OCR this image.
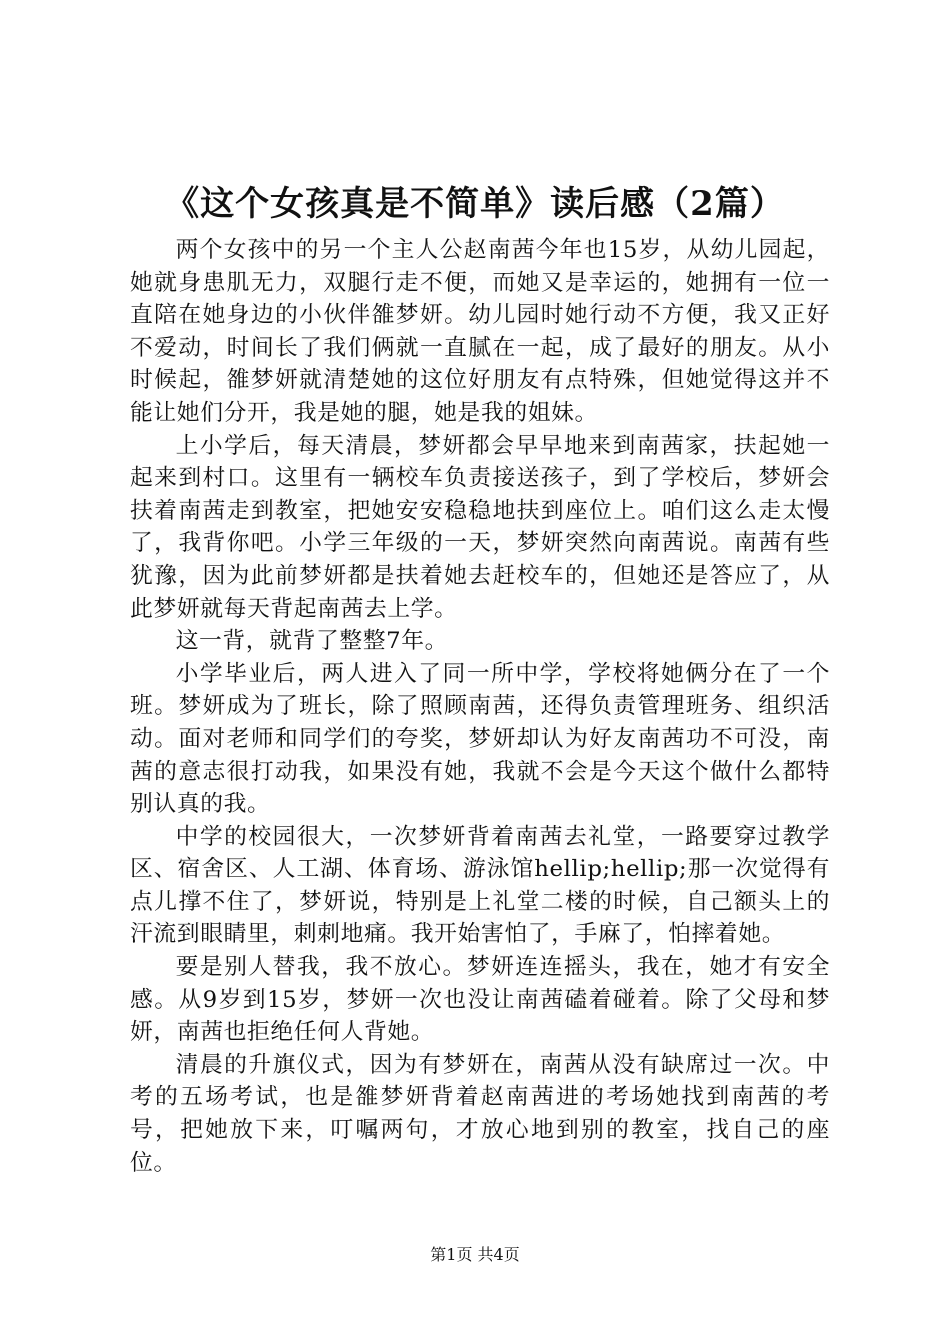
《这个女孩真是不简单》读后感（2篇）

两个女孩中的另一个主人公赵南茜今年也15岁，从幼儿园起，她就身患肌无力，双腿行走不便，而她又是幸运的，她拥有一位一直陪在她身边的小伙伴雒梦妍。幼儿园时她行动不方便，我又正好不爱动，时间长了我们俩就一直腻在一起，成了最好的朋友。从小时候起，雒梦妍就清楚她的这位好朋友有点特殊，但她觉得这并不能让她们分开，我是她的腿，她是我的姐妹。

上小学后，每天清晨，梦妍都会早早地来到南茜家，扶起她一起来到村口。这里有一辆校车负责接送孩子，到了学校后，梦妍会扶着南茜走到教室，把她安安稳稳地扶到座位上。咱们这么走太慢了，我背你吧。小学三年级的一天，梦妍突然向南茜说。南茜有些犹豫，因为此前梦妍都是扶着她去赶校车的，但她还是答应了，从此梦妍就每天背起南茜去上学。

这一背，就背了整整7年。

小学毕业后，两人进入了同一所中学，学校将她俩分在了一个班。梦妍成为了班长，除了照顾南茜，还得负责管理班务、组织活动。面对老师和同学们的夸奖，梦妍却认为好友南茜功不可没，南茜的意志很打动我，如果没有她，我就不会是今天这个做什么都特别认真的我。

中学的校园很大，一次梦妍背着南茜去礼堂，一路要穿过教学区、宿舍区、人工湖、体育场、游泳馆hellip;hellip;那一次觉得有点儿撑不住了，梦妍说，特别是上礼堂二楼的时候，自己额头上的汗流到眼睛里，刺刺地痛。我开始害怕了，手麻了，怕摔着她。

要是别人替我，我不放心。梦妍连连摇头，我在，她才有安全感。从9岁到15岁，梦妍一次也没让南茜磕着碰着。除了父母和梦妍，南茜也拒绝任何人背她。

清晨的升旗仪式，因为有梦妍在，南茜从没有缺席过一次。中考的五场考试，也是雒梦妍背着赵南茜进的考场她找到南茜的考号，把她放下来，叮嘱两句，才放心地到别的教室，找自己的座位。

第1页 共4页
